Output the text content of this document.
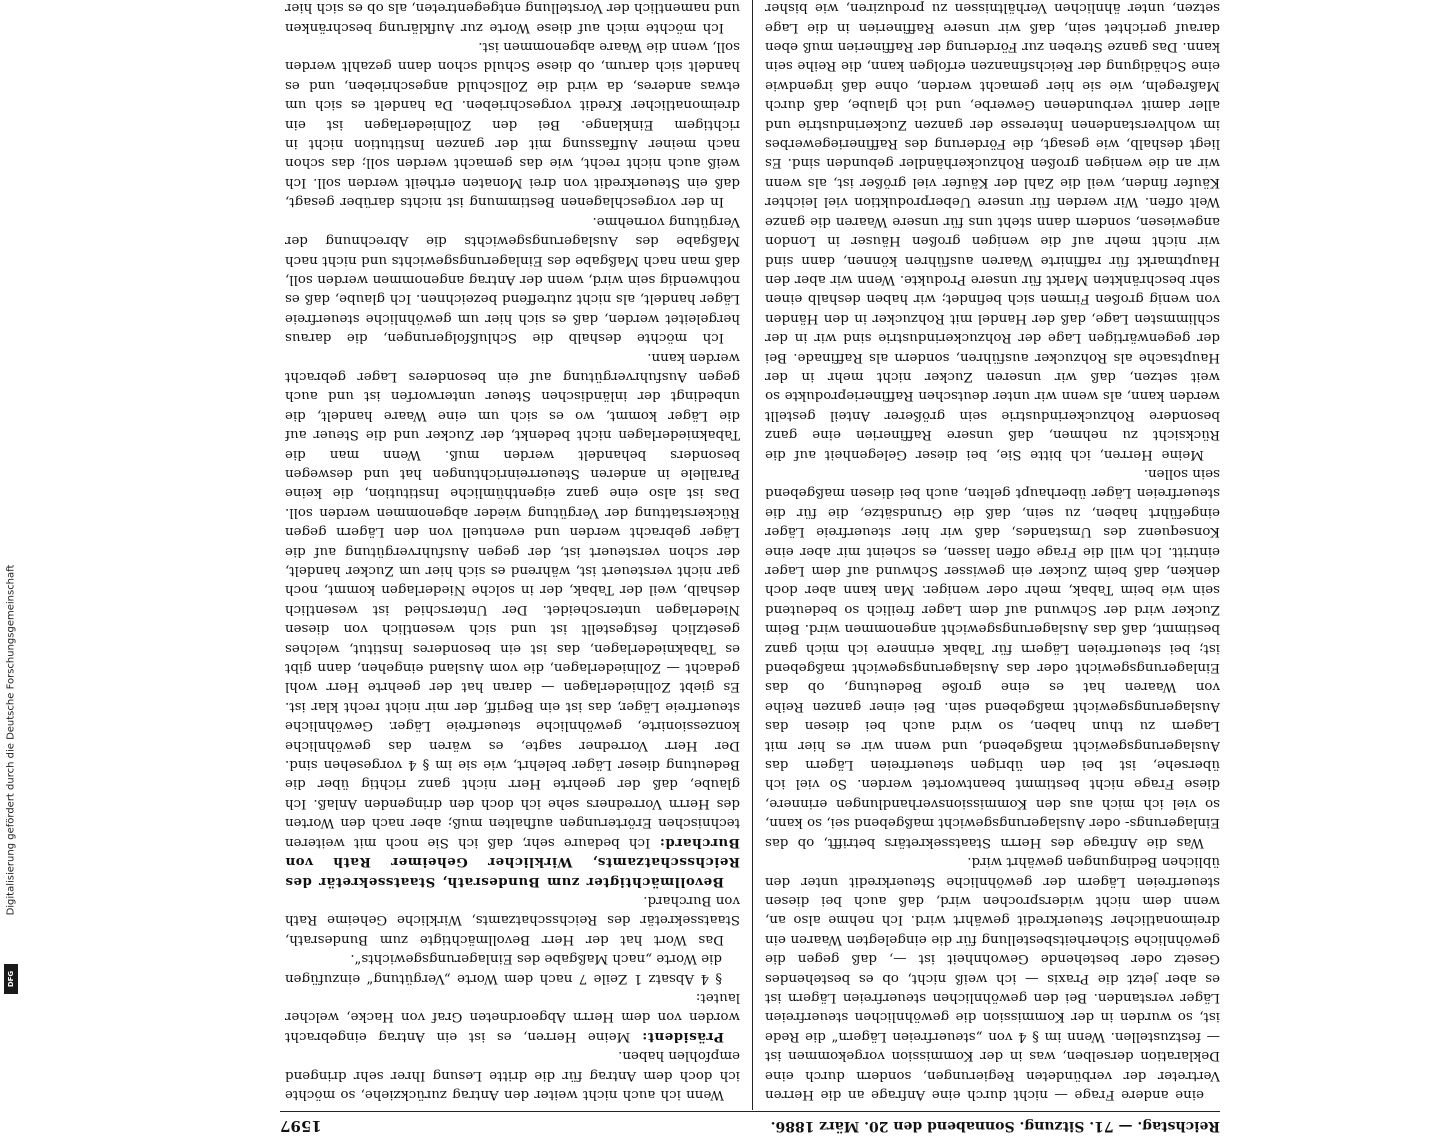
Digitalisierung gefördert durch die Deutsche Forschungsgemeinschaft
DFG
Reichstag. — 71. Sitzung. Sonnabend den 20. März 1886.
1597

eine andere Frage — nicht durch eine Anfrage an die Herren Vertreter der verbündeten Regierungen, sondern durch eine Deklaration derselben, was in der Kommission vorgekommen ist — festzustellen. Wenn im § 4 von „steuerfreien Lägern“ die Rede ist, so wurden in der Kommission die gewöhnlichen steuerfreien Läger verstanden. Bei den gewöhnlichen steuerfreien Lägern ist es aber jetzt die Praxis — ich weiß nicht, ob es bestehendes Gesetz oder bestehende Gewohnheit ist —, daß gegen die gewöhnliche Sicherheitsbestellung für die eingelegten Waaren ein dreimonatlicher Steuerkredit gewährt wird. Ich nehme also an, wenn dem nicht widersprochen wird, daß auch bei diesen steuerfreien Lägern der gewöhnliche Steuerkredit unter den üblichen Bedingungen gewährt wird.

Was die Anfrage des Herrn Staatssekretärs betrifft, ob das Einlagerungs- oder Auslagerungsgewicht maßgebend sei, so kann, so viel ich mich aus den Kommissionsverhandlungen erinnere, diese Frage nicht bestimmt beantwortet werden. So viel ich übersehe, ist bei den übrigen steuerfreien Lägern das Auslagerungsgewicht maßgebend, und wenn wir es hier mit Lagern zu thun haben, so wird auch bei diesen das Auslagerungsgewicht maßgebend sein. Bei einer ganzen Reihe von Waaren hat es eine große Bedeutung, ob das Einlagerungsgewicht oder das Auslagerungsgewicht maßgebend ist; bei steuerfreien Lägern für Tabak erinnere ich mich ganz bestimmt, daß das Auslagerungsgewicht angenommen wird. Beim Zucker wird der Schwund auf dem Lager freilich so bedeutend sein wie beim Tabak, mehr oder weniger. Man kann aber doch denken, daß beim Zucker ein gewisser Schwund auf dem Lager eintritt. Ich will die Frage offen lassen, es scheint mir aber eine Konsequenz des Umstandes, daß wir hier steuerfreie Läger eingeführt haben, zu sein, daß die Grundsätze, die für die steuerfreien Läger überhaupt gelten, auch bei diesen maßgebend sein sollen.

Meine Herren, ich bitte Sie, bei dieser Gelegenheit auf die Rücksicht zu nehmen, daß unsere Raffinerien eine ganz besondere Rohzuckerindustrie sein größerer Anteil gestellt werden kann, als wenn wir unter deutschen Raffinerieprodukte so weit setzen, daß wir unseren Zucker nicht mehr in der Hauptsache als Rohzucker ausführen, sondern als Raffinade. Bei der gegenwärtigen Lage der Rohzuckerindustrie sind wir in der schlimmsten Lage, daß der Handel mit Rohzucker in den Händen von wenig großen Firmen sich befindet; wir haben deshalb einen sehr beschränkten Markt für unsere Produkte. Wenn wir aber den Hauptmarkt für raffinirte Waaren ausführen können, dann sind wir nicht mehr auf die wenigen großen Häuser in London angewiesen, sondern dann steht uns für unsere Waaren die ganze Welt offen. Wir werden für unsere Ueberproduktion viel leichter Käufer finden, weil die Zahl der Käufer viel größer ist, als wenn wir an die wenigen großen Rohzuckerhändler gebunden sind. Es liegt deshalb, wie gesagt, die Förderung des Raffineriegewerbes im wohlverstandenen Interesse der ganzen Zuckerindustrie und aller damit verbundenen Gewerbe, und ich glaube, daß durch Maßregeln, wie sie hier gemacht werden, ohne daß irgendwie eine Schädigung der Reichsfinanzen erfolgen kann, die Reihe sein kann. Das ganze Streben zur Förderung der Raffinerien muß eben darauf gerichtet sein, daß wir unsere Raffinerien in die Lage setzen, unter ähnlichen Verhältnissen zu produziren, wie bisher

Wenn ich auch nicht weiter den Antrag zurückziehe, so möchte ich doch dem Antrag für die dritte Lesung Ihrer sehr dringend empfohlen haben.

Präsident: Meine Herren, es ist ein Antrag eingebracht worden von dem Herrn Abgeordneten Graf von Hacke, welcher lautet:

§ 4 Absatz 1 Zeile 7 nach dem Worte „Vergütung“ einzufügen die Worte „nach Maßgabe des Einlagerungsgewichts“.

Das Wort hat der Herr Bevollmächtigte zum Bundesrath, Staatssekretär des Reichsschatzamts, Wirkliche Geheime Rath von Burchard.

Bevollmächtigter zum Bundesrath, Staatssekretär des Reichsschatzamts, Wirklicher Geheimer Rath von Burchard: Ich bedaure sehr, daß ich Sie noch mit weiteren technischen Erörterungen aufhalten muß; aber nach den Worten des Herrn Vorredners sehe ich doch den dringenden Anlaß. Ich glaube, daß der geehrte Herr nicht ganz richtig über die Bedeutung dieser Läger belehrt, wie sie im § 4 vorgesehen sind. Der Herr Vorredner sagte, es wären das gewöhnliche konzessionirte, gewöhnliche steuerfreie Läger. Gewöhnliche steuerfreie Läger, das ist ein Begriff, der mir nicht recht klar ist. Es giebt Zollniederlagen — daran hat der geehrte Herr wohl gedacht — Zollniederlagen, die vom Ausland eingehen, dann gibt es Tabakniederlagen, das ist ein besonderes Institut, welches gesetzlich festgestellt ist und sich wesentlich von diesen Niederlagen unterscheidet. Der Unterschied ist wesentlich deshalb, weil der Tabak, der in solche Niederlagen kommt, noch gar nicht versteuert ist, während es sich hier um Zucker handelt, der schon versteuert ist, der gegen Ausfuhrvergütung auf die Läger gebracht werden und eventuell von den Lägern gegen Rückerstattung der Vergütung wieder abgenommen werden soll. Das ist also eine ganz eigenthümliche Institution, die keine Parallele in anderen Steuerreinrichtungen hat und deswegen besonders behandelt werden muß. Wenn man die Tabakniederlagen nicht bedenkt, der Zucker und die Steuer auf die Läger kommt, wo es sich um eine Waare handelt, die unbedingt der inländischen Steuer unterworfen ist und auch gegen Ausfuhrvergütung auf ein besonderes Lager gebracht werden kann.

Ich möchte deshalb die Schlußfolgerungen, die daraus hergeleitet werden, daß es sich hier um gewöhnliche steuerfreie Läger handelt, als nicht zutreffend bezeichnen. Ich glaube, daß es nothwendig sein wird, wenn der Antrag angenommen werden soll, daß man nach Maßgabe des Einlagerungsgewichts und nicht nach Maßgabe des Auslagerungsgewichts die Abrechnung der Vergütung vornehme.

In der vorgeschlagenen Bestimmung ist nichts darüber gesagt, daß ein Steuerkredit von drei Monaten ertheilt werden soll. Ich weiß auch nicht recht, wie das gemacht werden soll; das schon nach meiner Auffassung mit der ganzen Institution nicht in richtigem Einklange. Bei den Zollniederlagen ist ein dreimonatlicher Kredit vorgeschrieben. Da handelt es sich um etwas anderes, da wird die Zollschuld angeschrieben, und es handelt sich darum, ob diese Schuld schon dann gezahlt werden soll, wenn die Waare abgenommen ist.

Ich möchte mich auf diese Worte zur Aufklärung beschränken und namentlich der Vorstellung entgegentreten, als ob es sich hier
